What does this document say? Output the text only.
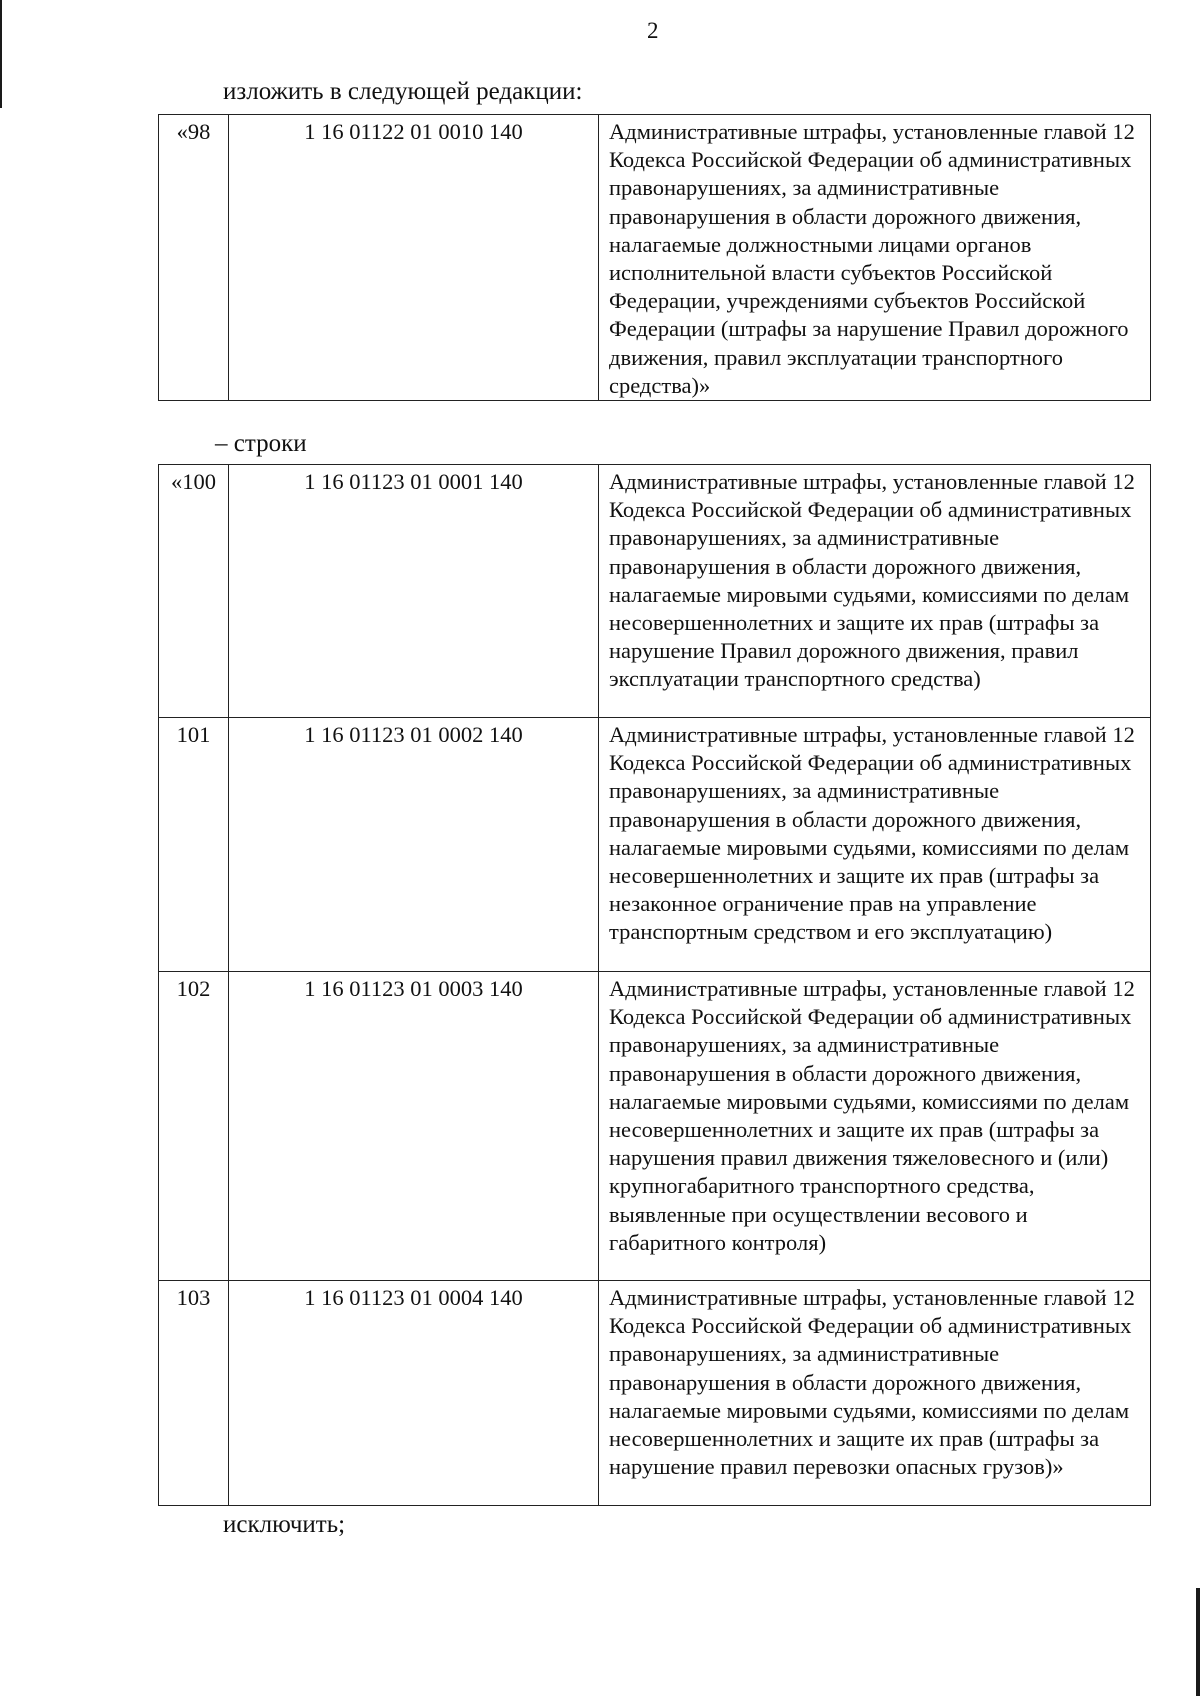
2
изложить в следующей редакции:
«98	1 16 01122 01 0010 140	Административные штрафы, установленные главой 12 Кодекса Российской Федерации об административных правонарушениях, за административные правонарушения в области дорожного движения, налагаемые должностными лицами органов исполнительной власти субъектов Российской Федерации, учреждениями субъектов Российской Федерации (штрафы за нарушение Правил дорожного движения, правил эксплуатации транспортного средства)»
– строки
«100	1 16 01123 01 0001 140	Административные штрафы, установленные главой 12 Кодекса Российской Федерации об административных правонарушениях, за административные правонарушения в области дорожного движения, налагаемые мировыми судьями, комиссиями по делам несовершеннолетних и защите их прав (штрафы за нарушение Правил дорожного движения, правил эксплуатации транспортного средства)
101	1 16 01123 01 0002 140	Административные штрафы, установленные главой 12 Кодекса Российской Федерации об административных правонарушениях, за административные правонарушения в области дорожного движения, налагаемые мировыми судьями, комиссиями по делам несовершеннолетних и защите их прав (штрафы за незаконное ограничение прав на управление транспортным средством и его эксплуатацию)
102	1 16 01123 01 0003 140	Административные штрафы, установленные главой 12 Кодекса Российской Федерации об административных правонарушениях, за административные правонарушения в области дорожного движения, налагаемые мировыми судьями, комиссиями по делам несовершеннолетних и защите их прав (штрафы за нарушения правил движения тяжеловесного и (или) крупногабаритного транспортного средства, выявленные при осуществлении весового и габаритного контроля)
103	1 16 01123 01 0004 140	Административные штрафы, установленные главой 12 Кодекса Российской Федерации об административных правонарушениях, за административные правонарушения в области дорожного движения, налагаемые мировыми судьями, комиссиями по делам несовершеннолетних и защите их прав (штрафы за нарушение правил перевозки опасных грузов)»
исключить;
